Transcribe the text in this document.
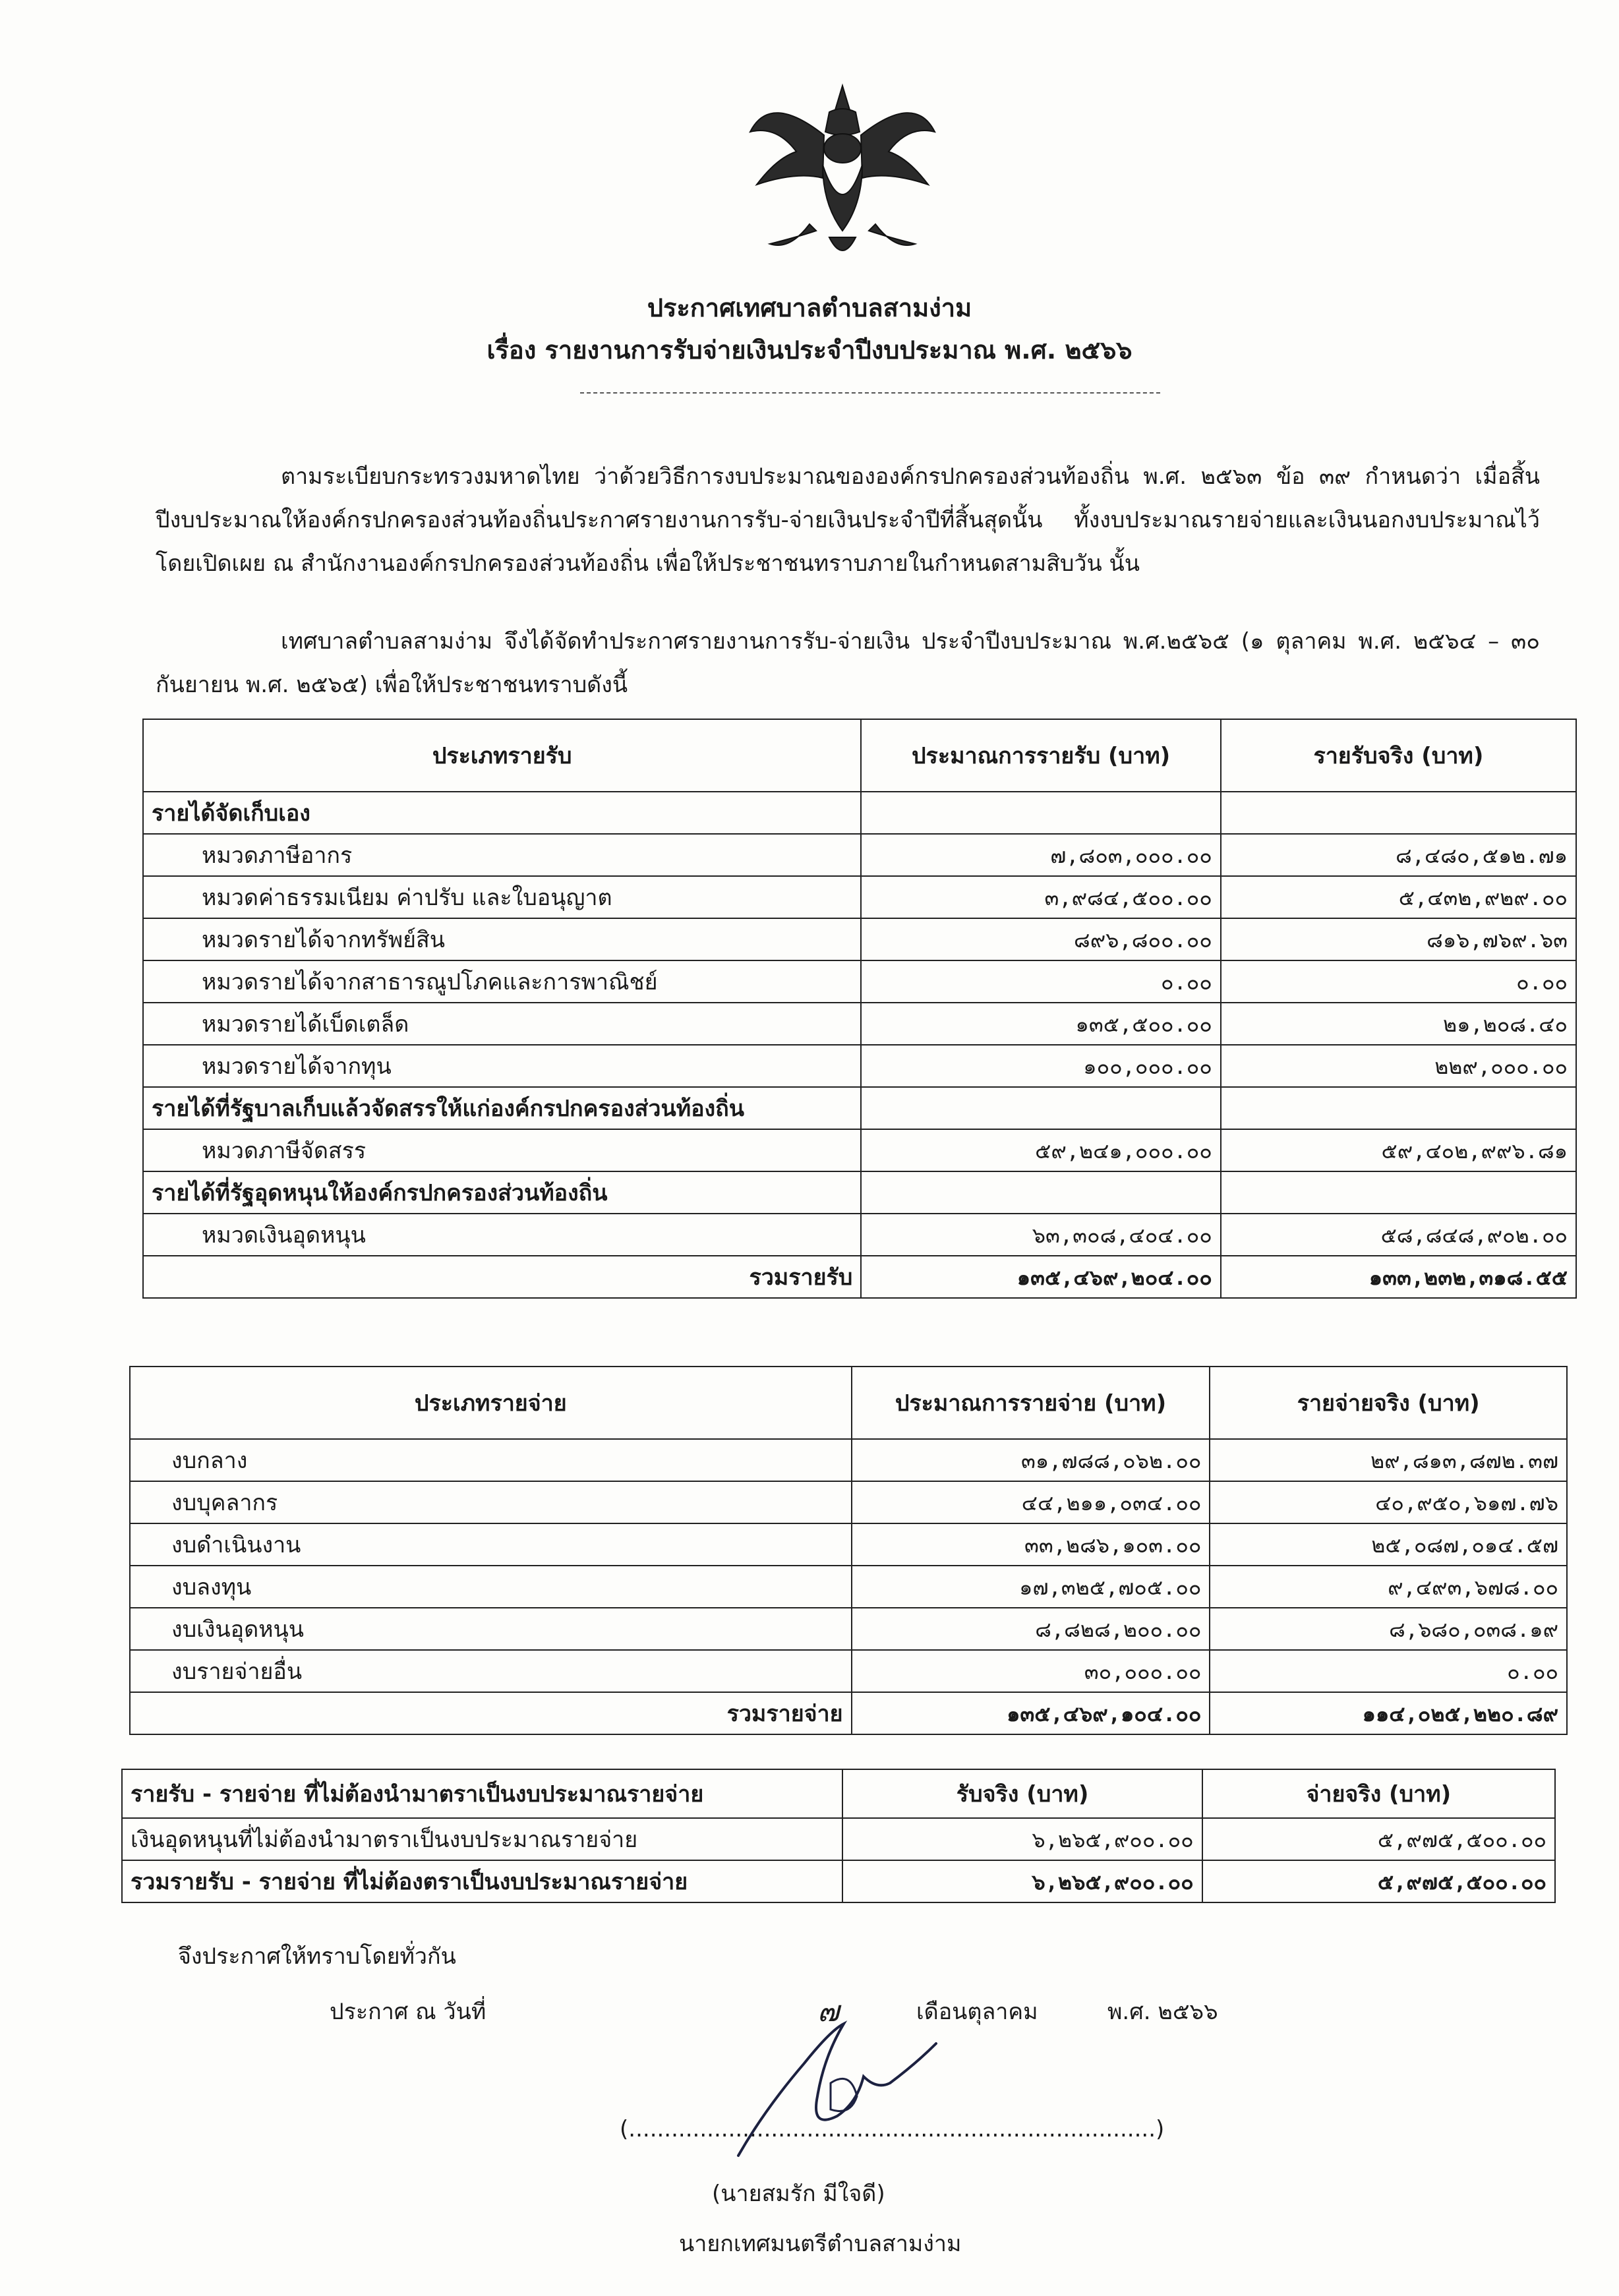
ประกาศเทศบาลตำบลสามง่าม
เรื่อง รายงานการรับจ่ายเงินประจำปีงบประมาณ พ.ศ. ๒๕๖๖

ตามระเบียบกระทรวงมหาดไทย ว่าด้วยวิธีการงบประมาณขององค์กรปกครองส่วนท้องถิ่น พ.ศ. ๒๕๖๓ ข้อ ๓๙ กำหนดว่า เมื่อสิ้นปีงบประมาณให้องค์กรปกครองส่วนท้องถิ่นประกาศรายงานการรับ-จ่ายเงินประจำปีที่สิ้นสุดนั้น ทั้งงบประมาณรายจ่ายและเงินนอกงบประมาณไว้โดยเปิดเผย ณ สำนักงานองค์กรปกครองส่วนท้องถิ่น เพื่อให้ประชาชนทราบภายในกำหนดสามสิบวัน นั้น

เทศบาลตำบลสามง่าม จึงได้จัดทำประกาศรายงานการรับ-จ่ายเงิน ประจำปีงบประมาณ พ.ศ.๒๕๖๕ (๑ ตุลาคม พ.ศ. ๒๕๖๔ – ๓๐ กันยายน พ.ศ. ๒๕๖๕) เพื่อให้ประชาชนทราบดังนี้

ประเภทรายรับ	ประมาณการรายรับ (บาท)	รายรับจริง (บาท)
รายได้จัดเก็บเอง		
หมวดภาษีอากร	๗,๘๐๓,๐๐๐.๐๐	๘,๔๘๐,๕๑๒.๗๑
หมวดค่าธรรมเนียม ค่าปรับ และใบอนุญาต	๓,๙๘๔,๕๐๐.๐๐	๕,๔๓๒,๙๒๙.๐๐
หมวดรายได้จากทรัพย์สิน	๘๙๖,๘๐๐.๐๐	๘๑๖,๗๖๙.๖๓
หมวดรายได้จากสาธารณูปโภคและการพาณิชย์	๐.๐๐	๐.๐๐
หมวดรายได้เบ็ดเตล็ด	๑๓๕,๕๐๐.๐๐	๒๑,๒๐๘.๔๐
หมวดรายได้จากทุน	๑๐๐,๐๐๐.๐๐	๒๒๙,๐๐๐.๐๐
รายได้ที่รัฐบาลเก็บแล้วจัดสรรให้แก่องค์กรปกครองส่วนท้องถิ่น		
หมวดภาษีจัดสรร	๕๙,๒๔๑,๐๐๐.๐๐	๕๙,๔๐๒,๙๙๖.๘๑
รายได้ที่รัฐอุดหนุนให้องค์กรปกครองส่วนท้องถิ่น		
หมวดเงินอุดหนุน	๖๓,๓๐๘,๔๐๔.๐๐	๕๘,๘๔๘,๙๐๒.๐๐
รวมรายรับ	๑๓๕,๔๖๙,๒๐๔.๐๐	๑๓๓,๒๓๒,๓๑๘.๕๕
ประเภทรายจ่าย	ประมาณการรายจ่าย (บาท)	รายจ่ายจริง (บาท)
งบกลาง	๓๑,๗๘๘,๐๖๒.๐๐	๒๙,๘๑๓,๘๗๒.๓๗
งบบุคลากร	๔๔,๒๑๑,๐๓๔.๐๐	๔๐,๙๕๐,๖๑๗.๗๖
งบดำเนินงาน	๓๓,๒๘๖,๑๐๓.๐๐	๒๕,๐๘๗,๐๑๔.๕๗
งบลงทุน	๑๗,๓๒๕,๗๐๕.๐๐	๙,๔๙๓,๖๗๘.๐๐
งบเงินอุดหนุน	๘,๘๒๘,๒๐๐.๐๐	๘,๖๘๐,๐๓๘.๑๙
งบรายจ่ายอื่น	๓๐,๐๐๐.๐๐	๐.๐๐
รวมรายจ่าย	๑๓๕,๔๖๙,๑๐๔.๐๐	๑๑๔,๐๒๕,๒๒๐.๘๙
รายรับ - รายจ่าย ที่ไม่ต้องนำมาตราเป็นงบประมาณรายจ่าย	รับจริง (บาท)	จ่ายจริง (บาท)
เงินอุดหนุนที่ไม่ต้องนำมาตราเป็นงบประมาณรายจ่าย	๖,๒๖๕,๙๐๐.๐๐	๕,๙๗๕,๕๐๐.๐๐
รวมรายรับ - รายจ่าย ที่ไม่ต้องตราเป็นงบประมาณรายจ่าย	๖,๒๖๕,๙๐๐.๐๐	๕,๙๗๕,๕๐๐.๐๐
จึงประกาศให้ทราบโดยทั่วกัน
ประกาศ ณ วันที่	๗	เดือนตุลาคม	พ.ศ. ๒๕๖๖
(..........................................................................)
(นายสมรัก มีใจดี)
นายกเทศมนตรีตำบลสามง่าม
